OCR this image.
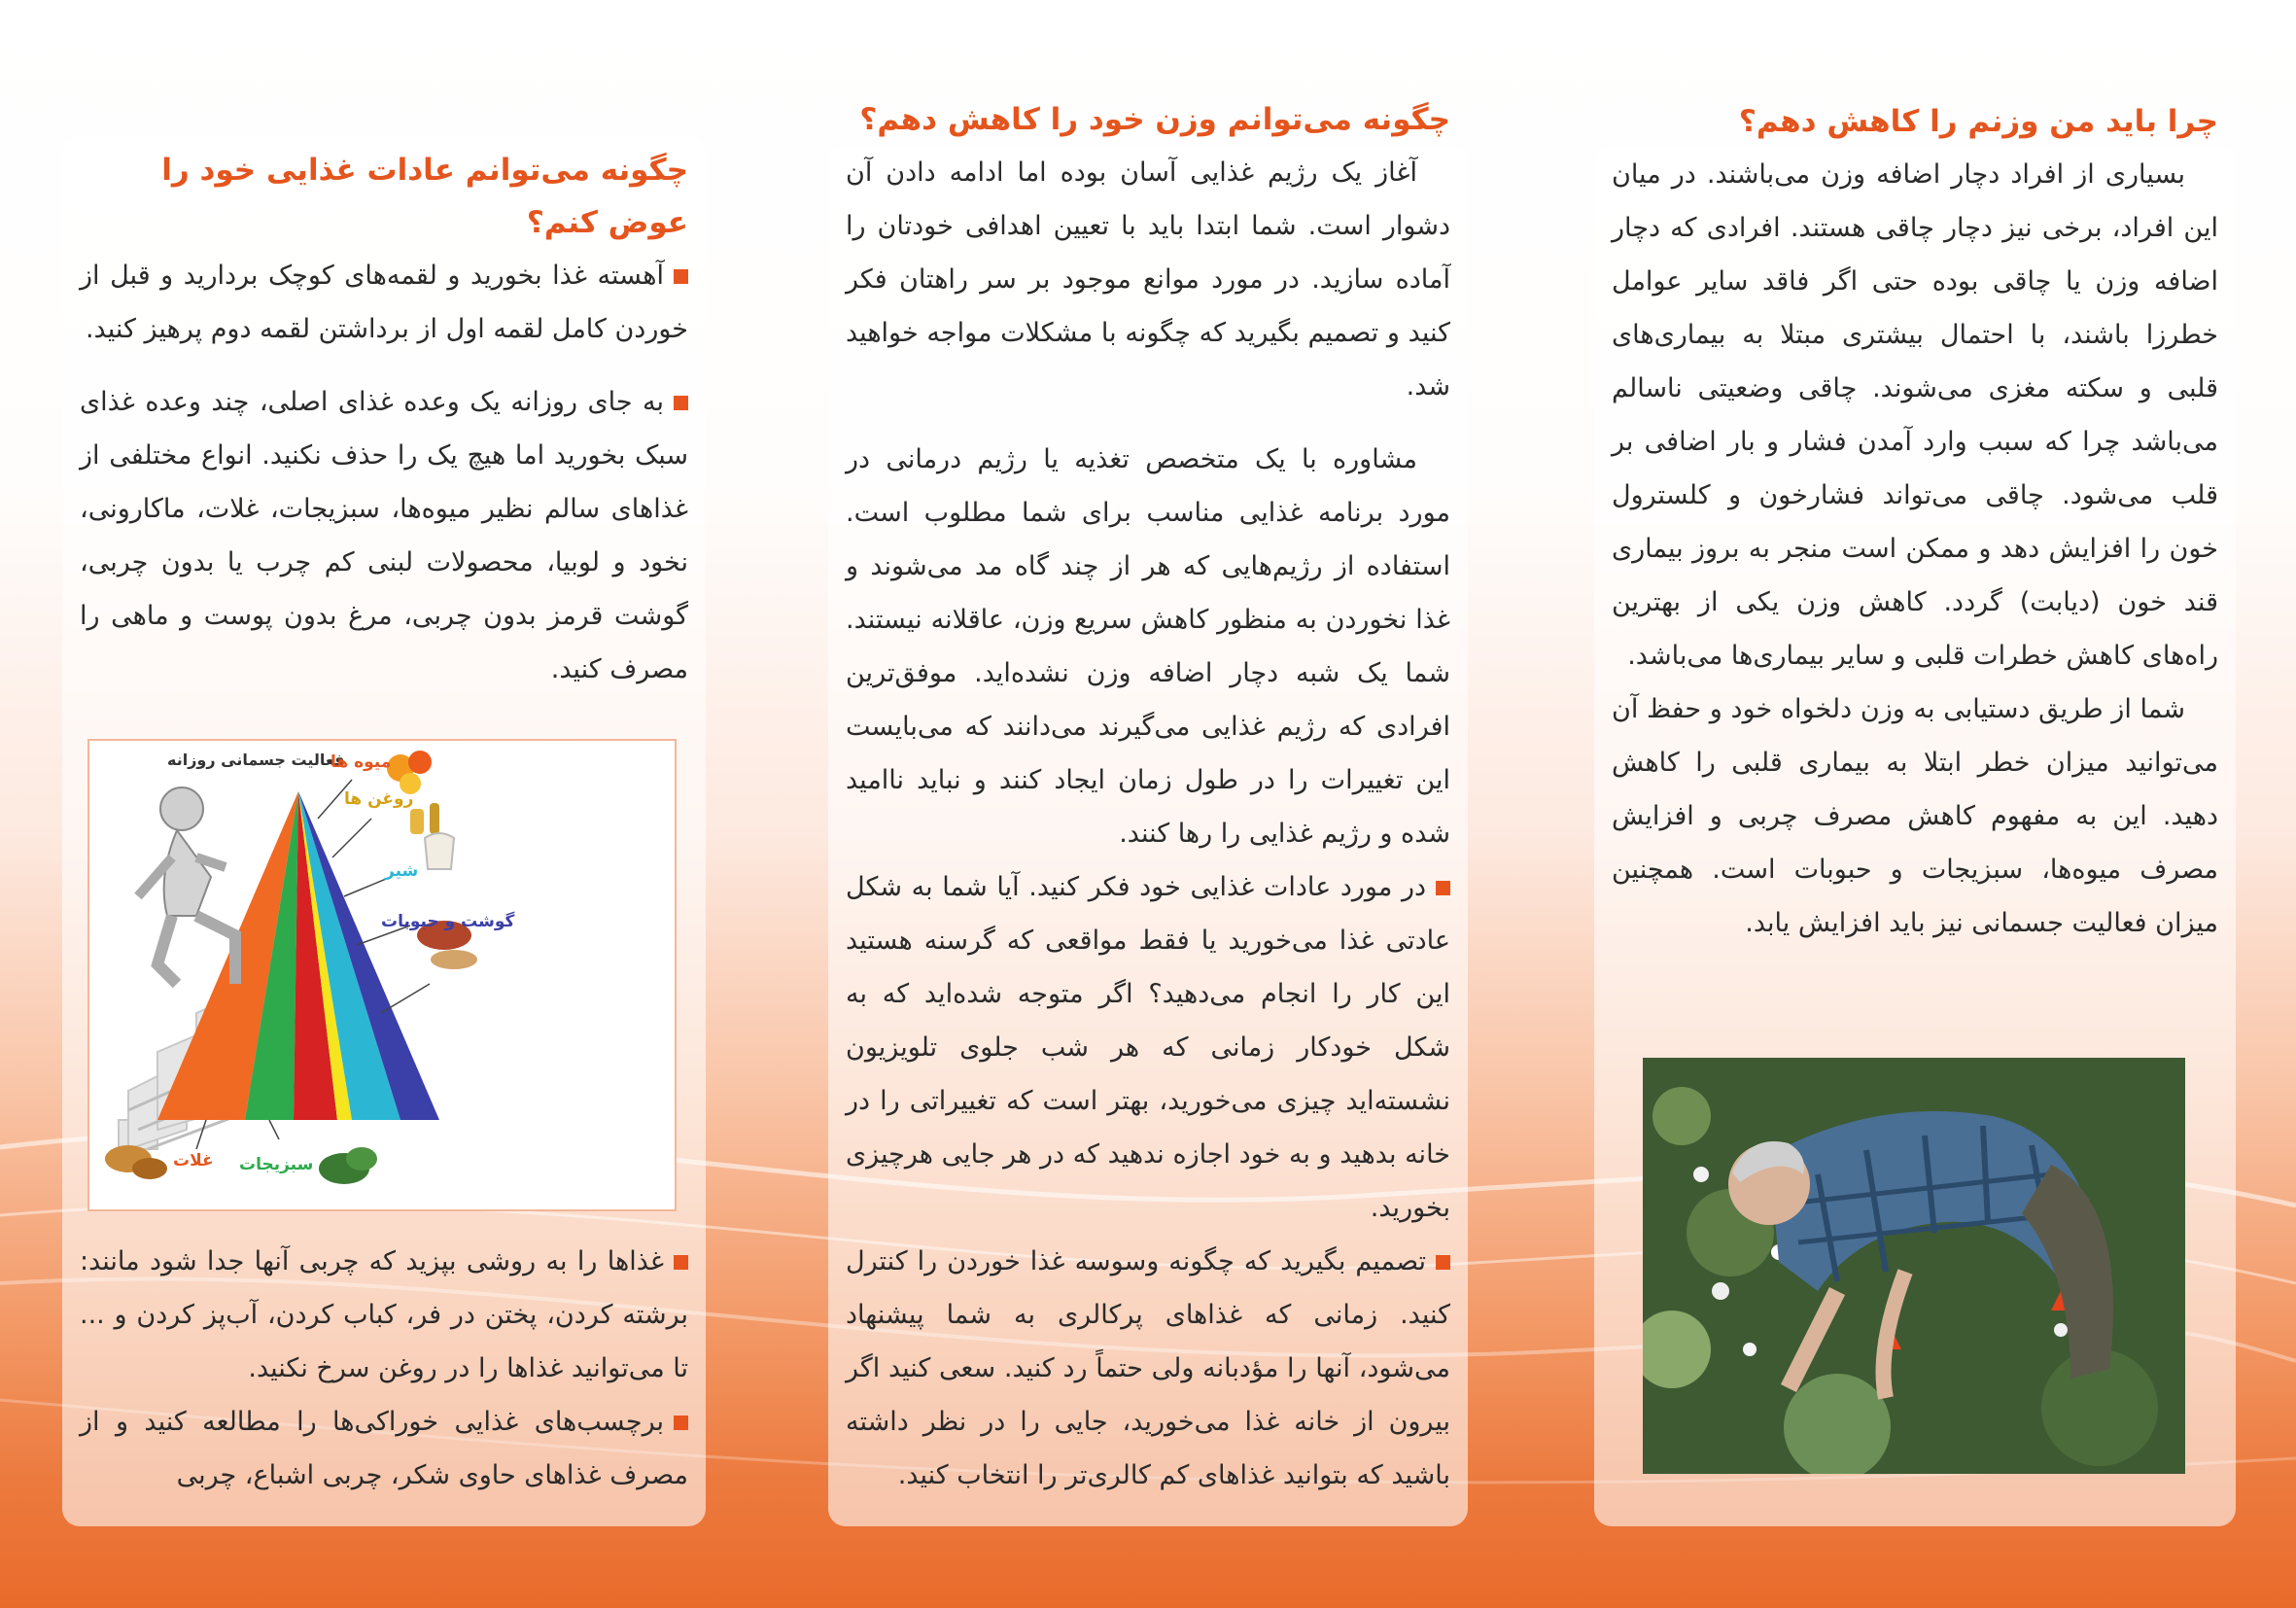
چرا باید من وزنم را کاهش دهم؟

بسیاری از افراد دچار اضافه وزن می‌باشند. در میان این افراد، برخی نیز دچار چاقی هستند. افرادی که دچار اضافه وزن یا چاقی بوده حتی اگر فاقد سایر عوامل خطرزا باشند، با احتمال بیشتری مبتلا به بیماری‌های قلبی و سکته مغزی می‌شوند. چاقی وضعیتی ناسالم می‌باشد چرا که سبب وارد آمدن فشار و بار اضافی بر قلب می‌شود. چاقی می‌تواند فشارخون و کلسترول خون را افزایش دهد و ممکن است منجر به بروز بیماری قند خون (دیابت) گردد. کاهش وزن یکی از بهترین راه‌های کاهش خطرات قلبی و سایر بیماری‌ها می‌باشد.

شما از طریق دستیابی به وزن دلخواه خود و حفظ آن می‌توانید میزان خطر ابتلا به بیماری قلبی را کاهش دهید. این به مفهوم کاهش مصرف چربی و افزایش مصرف میوه‌ها، سبزیجات و حبوبات است. همچنین میزان فعالیت جسمانی نیز باید افزایش یابد.

چگونه می‌توانم وزن خود را کاهش دهم؟

آغاز یک رژیم غذایی آسان بوده اما ادامه دادن آن دشوار است. شما ابتدا باید با تعیین اهدافی خودتان را آماده سازید. در مورد موانع موجود بر سر راهتان فکر کنید و تصمیم بگیرید که چگونه با مشکلات مواجه خواهید شد.

مشاوره با یک متخصص تغذیه یا رژیم درمانی در مورد برنامه غذایی مناسب برای شما مطلوب است. استفاده از رژیم‌هایی که هر از چند گاه مد می‌شوند و غذا نخوردن به منظور کاهش سریع وزن، عاقلانه نیستند. شما یک شبه دچار اضافه وزن نشده‌اید. موفق‌ترین افرادی که رژیم غذایی می‌گیرند می‌دانند که می‌بایست این تغییرات را در طول زمان ایجاد کنند و نباید ناامید شده و رژیم غذایی را رها کنند.

در مورد عادات غذایی خود فکر کنید. آیا شما به شکل عادتی غذا می‌خورید یا فقط مواقعی که گرسنه هستید این کار را انجام می‌دهید؟ اگر متوجه شده‌اید که به شکل خودکار زمانی که هر شب جلوی تلویزیون نشسته‌اید چیزی می‌خورید، بهتر است که تغییراتی را در خانه بدهید و به خود اجازه ندهید که در هر جایی هرچیزی بخورید.

تصمیم بگیرید که چگونه وسوسه غذا خوردن را کنترل کنید. زمانی که غذاهای پرکالری به شما پیشنهاد می‌شود، آنها را مؤدبانه ولی حتماً رد کنید. سعی کنید اگر بیرون از خانه غذا می‌خورید، جایی را در نظر داشته باشید که بتوانید غذاهای کم کالری‌تر را انتخاب کنید.

چگونه می‌توانم عادات غذایی خود را عوض کنم؟

آهسته غذا بخورید و لقمه‌های کوچک بردارید و قبل از خوردن کامل لقمه اول از برداشتن لقمه دوم پرهیز کنید.

به جای روزانه یک وعده غذای اصلی، چند وعده غذای سبک بخورید اما هیچ یک را حذف نکنید. انواع مختلفی از غذاهای سالم نظیر میوه‌ها، سبزیجات، غلات، ماکارونی، نخود و لوبیا، محصولات لبنی کم چرب یا بدون چربی، گوشت قرمز بدون چربی، مرغ بدون پوست و ماهی را مصرف کنید.

غذاها را به روشی بپزید که چربی آنها جدا شود مانند: برشته کردن، پختن در فر، کباب کردن، آب‌پز کردن و ... تا می‌توانید غذاها را در روغن سرخ نکنید.

برچسب‌های غذایی خوراکی‌ها را مطالعه کنید و از مصرف غذاهای حاوی شکر، چربی اشباع، چربی

فعالیت جسمانی روزانه
میوه ها
روغن ها
شیر
گوشت و حبوبات
غلات سبزیجات
